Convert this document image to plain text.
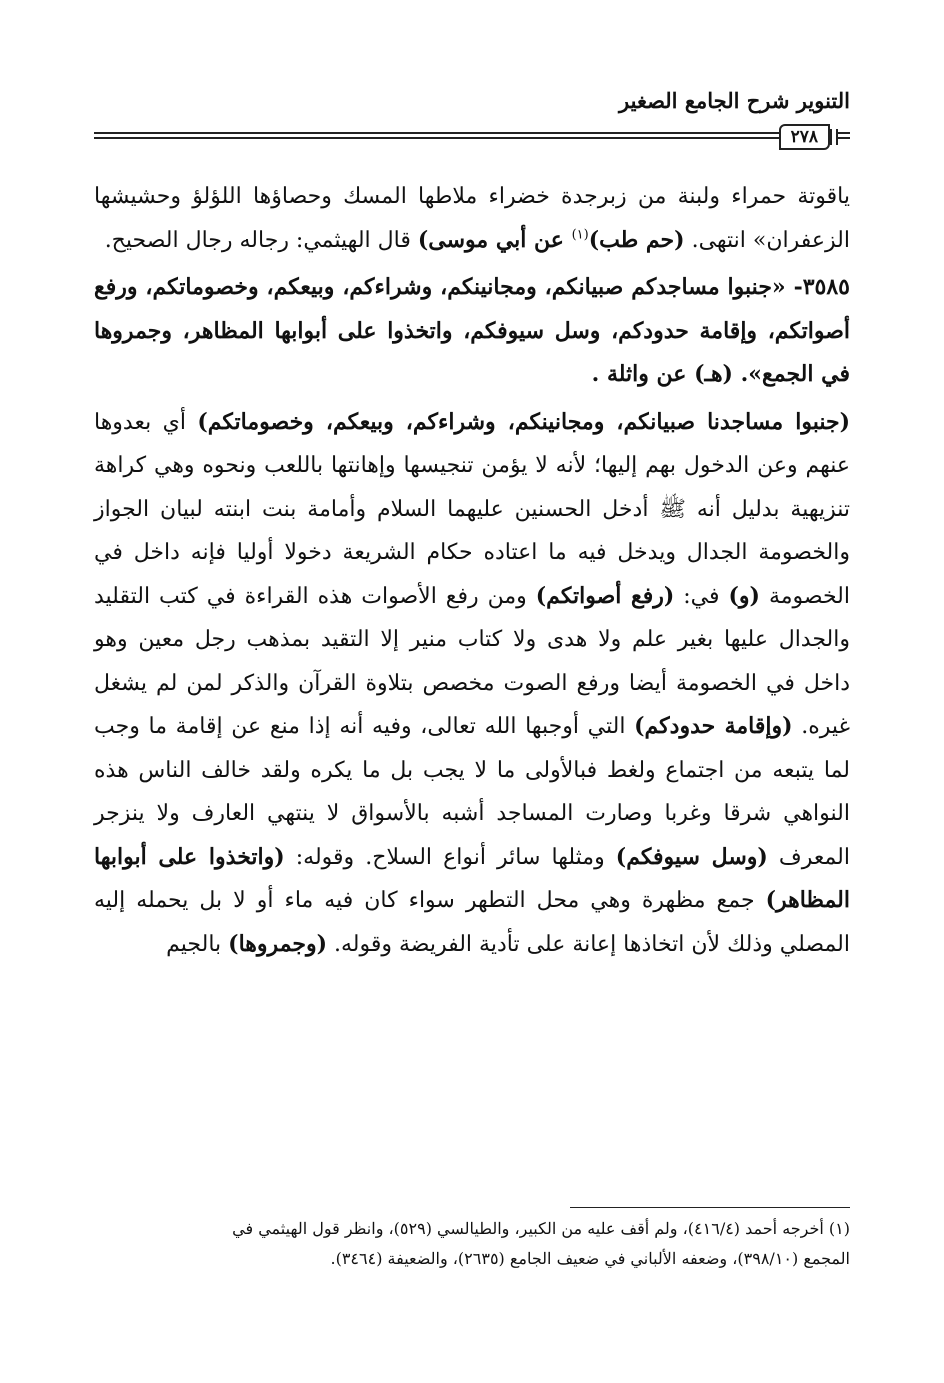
التنوير شرح الجامع الصغير
٢٧٨

ياقوتة حمراء ولبنة من زبرجدة خضراء ملاطها المسك وحصاؤها اللؤلؤ وحشيشها الزعفران» انتهى. (حم طب)$^{(١)}$ عن أبي موسى) قال الهيثمي: رجاله رجال الصحيح.

٣٥٨٥- «جنبوا مساجدكم صبيانكم، ومجانينكم، وشراءكم، وبيعكم، وخصوماتكم، ورفع أصواتكم، وإقامة حدودكم، وسل سيوفكم، واتخذوا على أبوابها المظاهر، وجمروها في الجمع». (هـ) عن واثلة .

(جنبوا مساجدنا صبيانكم، ومجانينكم، وشراءكم، وبيعكم، وخصوماتكم) أي بعدوها عنهم وعن الدخول بهم إليها؛ لأنه لا يؤمن تنجيسها وإهانتها باللعب ونحوه وهي كراهة تنزيهية بدليل أنه ﷺ أدخل الحسنين عليهما السلام وأمامة بنت ابنته لبيان الجواز والخصومة الجدال ويدخل فيه ما اعتاده حكام الشريعة دخولا أوليا فإنه داخل في الخصومة (و) في: (رفع أصواتكم) ومن رفع الأصوات هذه القراءة في كتب التقليد والجدال عليها بغير علم ولا هدى ولا كتاب منير إلا التقيد بمذهب رجل معين وهو داخل في الخصومة أيضا ورفع الصوت مخصص بتلاوة القرآن والذكر لمن لم يشغل غيره. (وإقامة حدودكم) التي أوجبها الله تعالى، وفيه أنه إذا منع عن إقامة ما وجب لما يتبعه من اجتماع ولغط فبالأولى ما لا يجب بل ما يكره ولقد خالف الناس هذه النواهي شرقا وغربا وصارت المساجد أشبه بالأسواق لا ينتهي العارف ولا ينزجر المعرف (وسل سيوفكم) ومثلها سائر أنواع السلاح. وقوله: (واتخذوا على أبوابها المظاهر) جمع مظهرة وهي محل التطهر سواء كان فيه ماء أو لا بل يحمله إليه المصلي وذلك لأن اتخاذها إعانة على تأدية الفريضة وقوله. (وجمروها) بالجيم

(١) أخرجه أحمد (٤١٦/٤)، ولم أقف عليه من الكبير، والطيالسي (٥٢٩)، وانظر قول الهيثمي في

المجمع (٣٩٨/١٠)، وضعفه الألباني في ضعيف الجامع (٢٦٣٥)، والضعيفة (٣٤٦٤).
